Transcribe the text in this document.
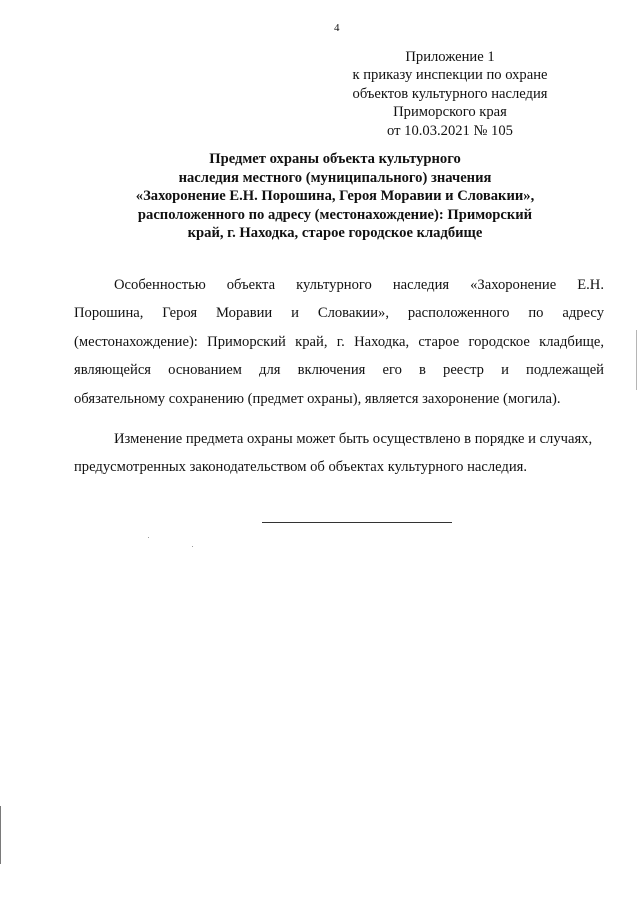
4
Приложение 1
к приказу инспекции по охране
объектов культурного наследия
Приморского края
от 10.03.2021 № 105
Предмет охраны объекта культурного
наследия местного (муниципального) значения
«Захоронение Е.Н. Порошина, Героя Моравии и Словакии»,
расположенного по адресу (местонахождение): Приморский
край, г. Находка, старое городское кладбище
Особенностью объекта культурного наследия «Захоронение Е.Н.
Порошина, Героя Моравии и Словакии», расположенного по адресу
(местонахождение): Приморский край, г. Находка, старое городское кладбище,
являющейся основанием для включения его в реестр и подлежащей
обязательному сохранению (предмет охраны), является захоронение (могила).
Изменение предмета охраны может быть осуществлено в порядке и случаях,
предусмотренных законодательством об объектах культурного наследия.
